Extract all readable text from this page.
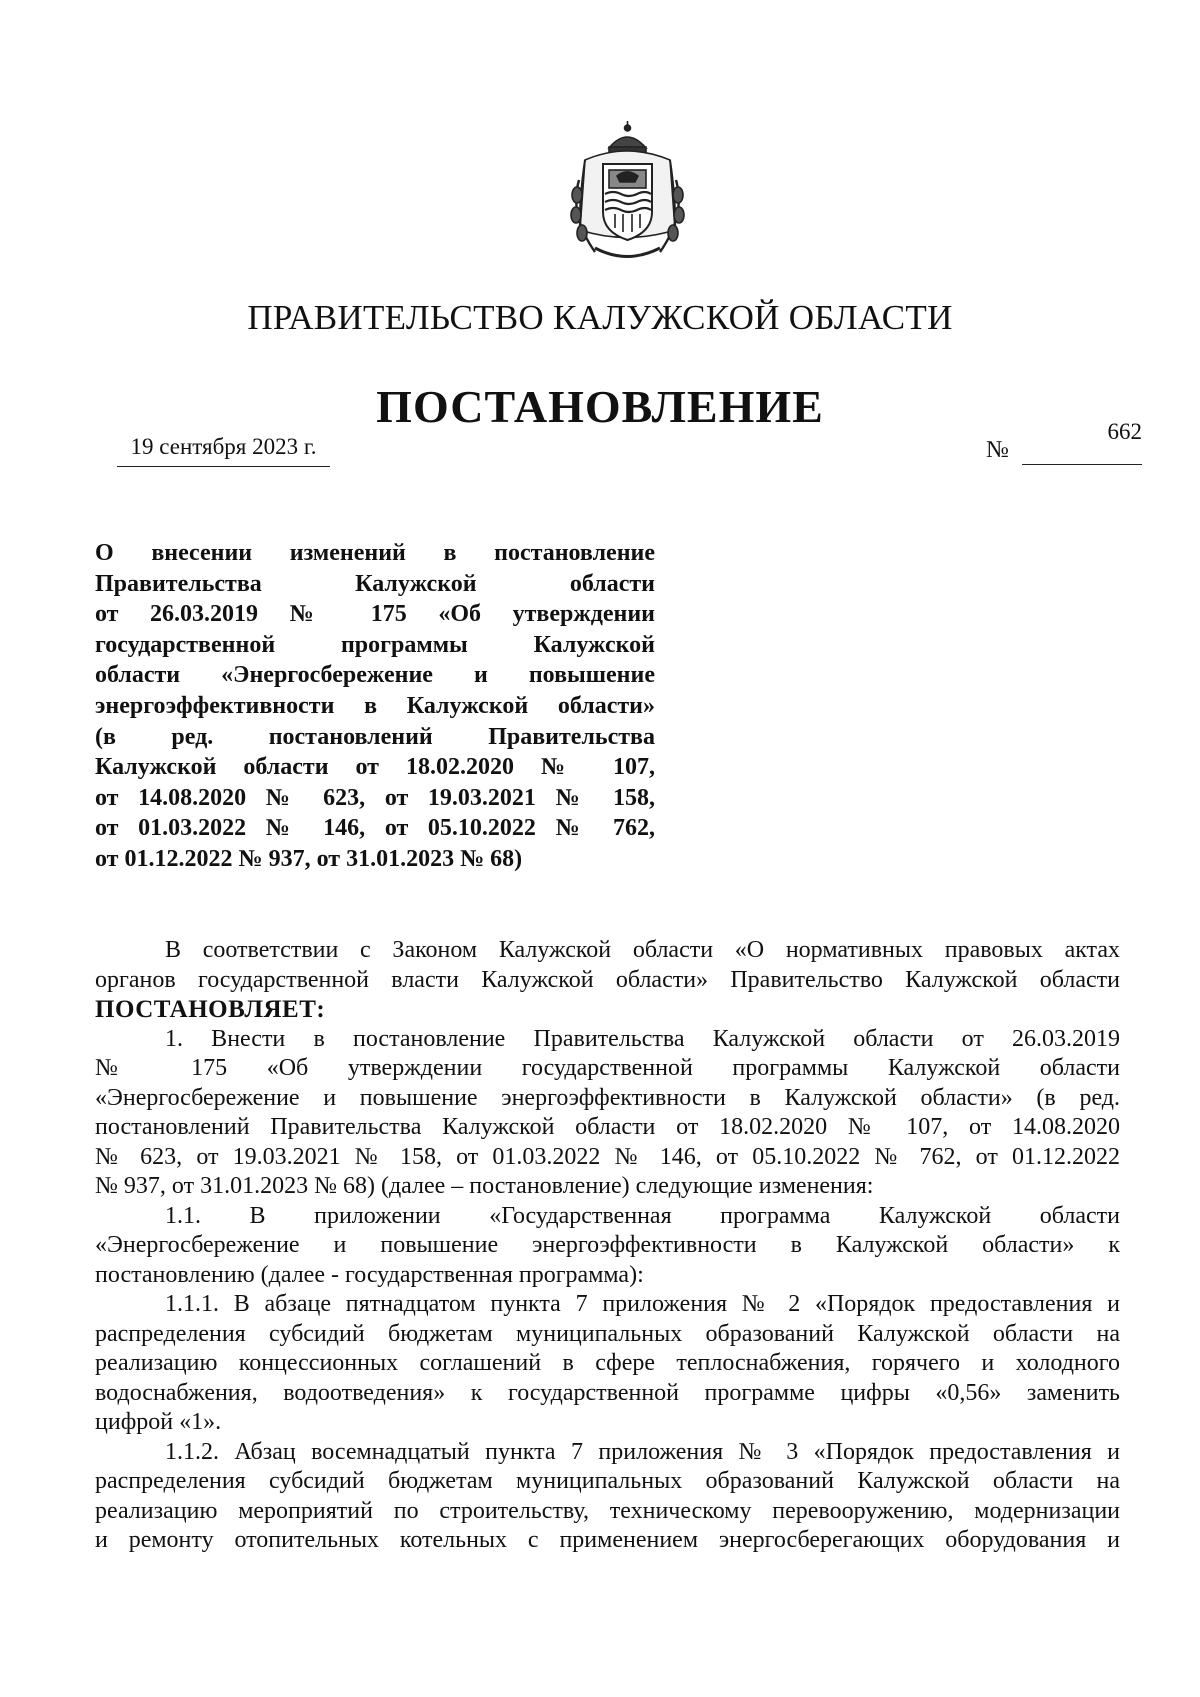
ПРАВИТЕЛЬСТВО КАЛУЖСКОЙ ОБЛАСТИ
ПОСТАНОВЛЕНИЕ
19 сентября 2023 г.	№
662
О внесении изменений в постановление
Правительства Калужской области
от 26.03.2019 № 175 «Об утверждении
государственной программы Калужской
области «Энергосбережение и повышение
энергоэффективности в Калужской области»
(в ред. постановлений Правительства
Калужской области от 18.02.2020 № 107,
от 14.08.2020 № 623, от 19.03.2021 № 158,
от 01.03.2022 № 146, от 05.10.2022 № 762,
от 01.12.2022 № 937, от 31.01.2023 № 68)
В соответствии с Законом Калужской области «О нормативных правовых актах
органов государственной власти Калужской области» Правительство Калужской области
ПОСТАНОВЛЯЕТ:
1. Внести в постановление Правительства Калужской области от 26.03.2019
№ 175 «Об утверждении государственной программы Калужской области
«Энергосбережение и повышение энергоэффективности в Калужской области» (в ред.
постановлений Правительства Калужской области от 18.02.2020 № 107, от 14.08.2020
№ 623, от 19.03.2021 № 158, от 01.03.2022 № 146, от 05.10.2022 № 762, от 01.12.2022
№ 937, от 31.01.2023 № 68) (далее – постановление) следующие изменения:
1.1. В приложении «Государственная программа Калужской области
«Энергосбережение и повышение энергоэффективности в Калужской области» к
постановлению (далее - государственная программа):
1.1.1. В абзаце пятнадцатом пункта 7 приложения № 2 «Порядок предоставления и
распределения субсидий бюджетам муниципальных образований Калужской области на
реализацию концессионных соглашений в сфере теплоснабжения, горячего и холодного
водоснабжения, водоотведения» к государственной программе цифры «0,56» заменить
цифрой «1».
1.1.2. Абзац восемнадцатый пункта 7 приложения № 3 «Порядок предоставления и
распределения субсидий бюджетам муниципальных образований Калужской области на
реализацию мероприятий по строительству, техническому перевооружению, модернизации
и ремонту отопительных котельных с применением энергосберегающих оборудования и
